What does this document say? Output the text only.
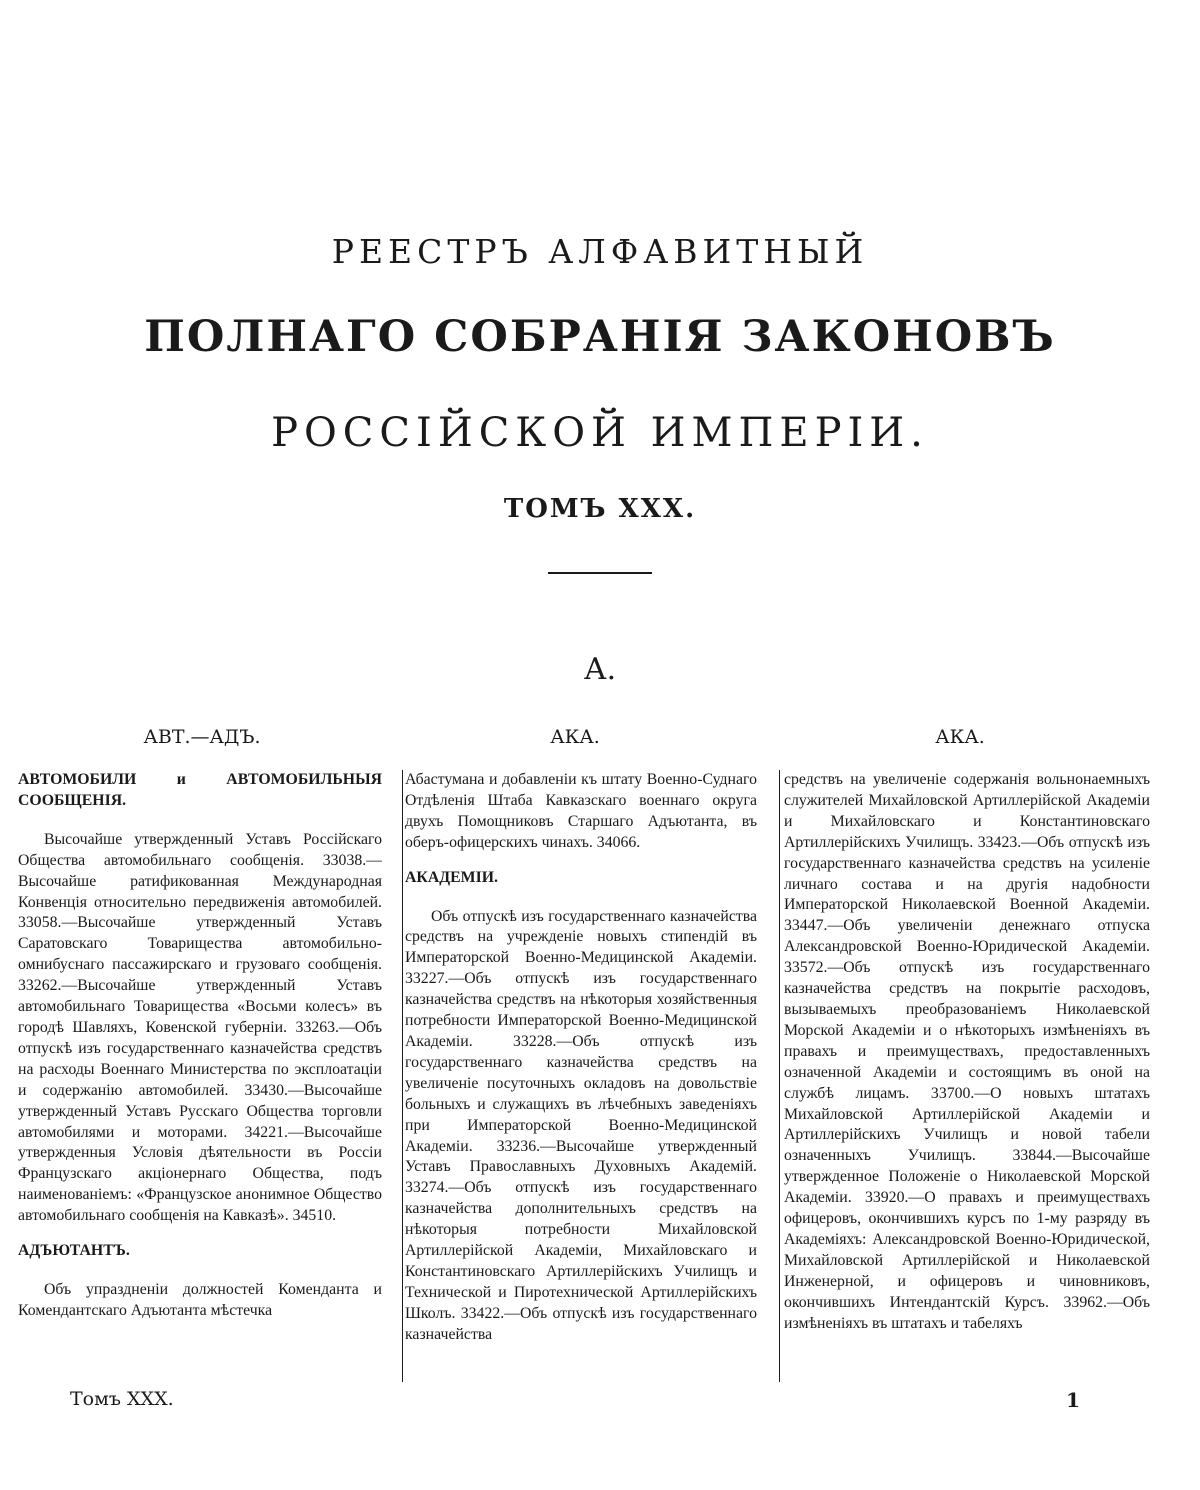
РЕЕСТРЪ АЛФАВИТНЫЙ
ПОЛНАГО СОБРАНІЯ ЗАКОНОВЪ
РОССІЙСКОЙ ИМПЕРІИ.
ТОМЪ XXX.
А.
АВТ.—АДЪ.	АКА.	АКА.

АВТОМОБИЛИ и АВТОМОБИЛЬНЫЯ СООБЩЕНІЯ.

Высочайше утвержденный Уставъ Россійскаго Общества автомобильнаго сообщенія. 33038.—Высочайше ратификованная Международная Конвенція относительно передвиженія автомобилей. 33058.—Высочайше утвержденный Уставъ Саратовскаго Товарищества автомобильно-омнибуснаго пассажирскаго и грузоваго сообщенія. 33262.—Высочайше утвержденный Уставъ автомобильнаго Товарищества «Восьми колесъ» въ городѣ Шавляхъ, Ковенской губерніи. 33263.—Объ отпускѣ изъ государственнаго казначейства средствъ на расходы Военнаго Министерства по эксплоатаціи и содержанію автомобилей. 33430.—Высочайше утвержденный Уставъ Русскаго Общества торговли автомобилями и моторами. 34221.—Высочайше утвержденныя Условія дѣятельности въ Россіи Французскаго акціонернаго Общества, подъ наименованіемъ: «Французское анонимное Общество автомобильнаго сообщенія на Кавказѣ». 34510.

АДЪЮТАНТЪ.

Объ упраздненіи должностей Коменданта и Комендантскаго Адъютанта мѣстечка

Абастумана и добавленіи къ штату Военно-Суднаго Отдѣленія Штаба Кавказскаго военнаго округа двухъ Помощниковъ Старшаго Адъютанта, въ оберъ-офицерскихъ чинахъ. 34066.

АКАДЕМІИ.

Объ отпускѣ изъ государственнаго казначейства средствъ на учрежденіе новыхъ стипендій въ Императорской Военно-Медицинской Академіи. 33227.—Объ отпускѣ изъ государственнаго казначейства средствъ на нѣкоторыя хозяйственныя потребности Императорской Военно-Медицинской Академіи. 33228.—Объ отпускѣ изъ государственнаго казначейства средствъ на увеличеніе посуточныхъ окладовъ на довольствіе больныхъ и служащихъ въ лѣчебныхъ заведеніяхъ при Императорской Военно-Медицинской Академіи. 33236.—Высочайше утвержденный Уставъ Православныхъ Духовныхъ Академій. 33274.—Объ отпускѣ изъ государственнаго казначейства дополнительныхъ средствъ на нѣкоторыя потребности Михайловской Артиллерійской Академіи, Михайловскаго и Константиновскаго Артиллерійскихъ Училищъ и Технической и Пиротехнической Артиллерійскихъ Школъ. 33422.—Объ отпускѣ изъ государственнаго казначейства

средствъ на увеличеніе содержанія вольнонаемныхъ служителей Михайловской Артиллерійской Академіи и Михайловскаго и Константиновскаго Артиллерійскихъ Училищъ. 33423.—Объ отпускѣ изъ государственнаго казначейства средствъ на усиленіе личнаго состава и на другія надобности Императорской Николаевской Военной Академіи. 33447.—Объ увеличеніи денежнаго отпуска Александровской Военно-Юридической Академіи. 33572.—Объ отпускѣ изъ государственнаго казначейства средствъ на покрытіе расходовъ, вызываемыхъ преобразованіемъ Николаевской Морской Академіи и о нѣкоторыхъ измѣненіяхъ въ правахъ и преимуществахъ, предоставленныхъ означенной Академіи и состоящимъ въ оной на службѣ лицамъ. 33700.—О новыхъ штатахъ Михайловской Артиллерійской Академіи и Артиллерійскихъ Училищъ и новой табели означенныхъ Училищъ. 33844.—Высочайше утвержденное Положеніе о Николаевской Морской Академіи. 33920.—О правахъ и преимуществахъ офицеровъ, окончившихъ курсъ по 1-му разряду въ Академіяхъ: Александровской Военно-Юридической, Михайловской Артиллерійской и Николаевской Инженерной, и офицеровъ и чиновниковъ, окончившихъ Интендантскій Курсъ. 33962.—Объ измѣненіяхъ въ штатахъ и табеляхъ

Томъ XXX.	1
